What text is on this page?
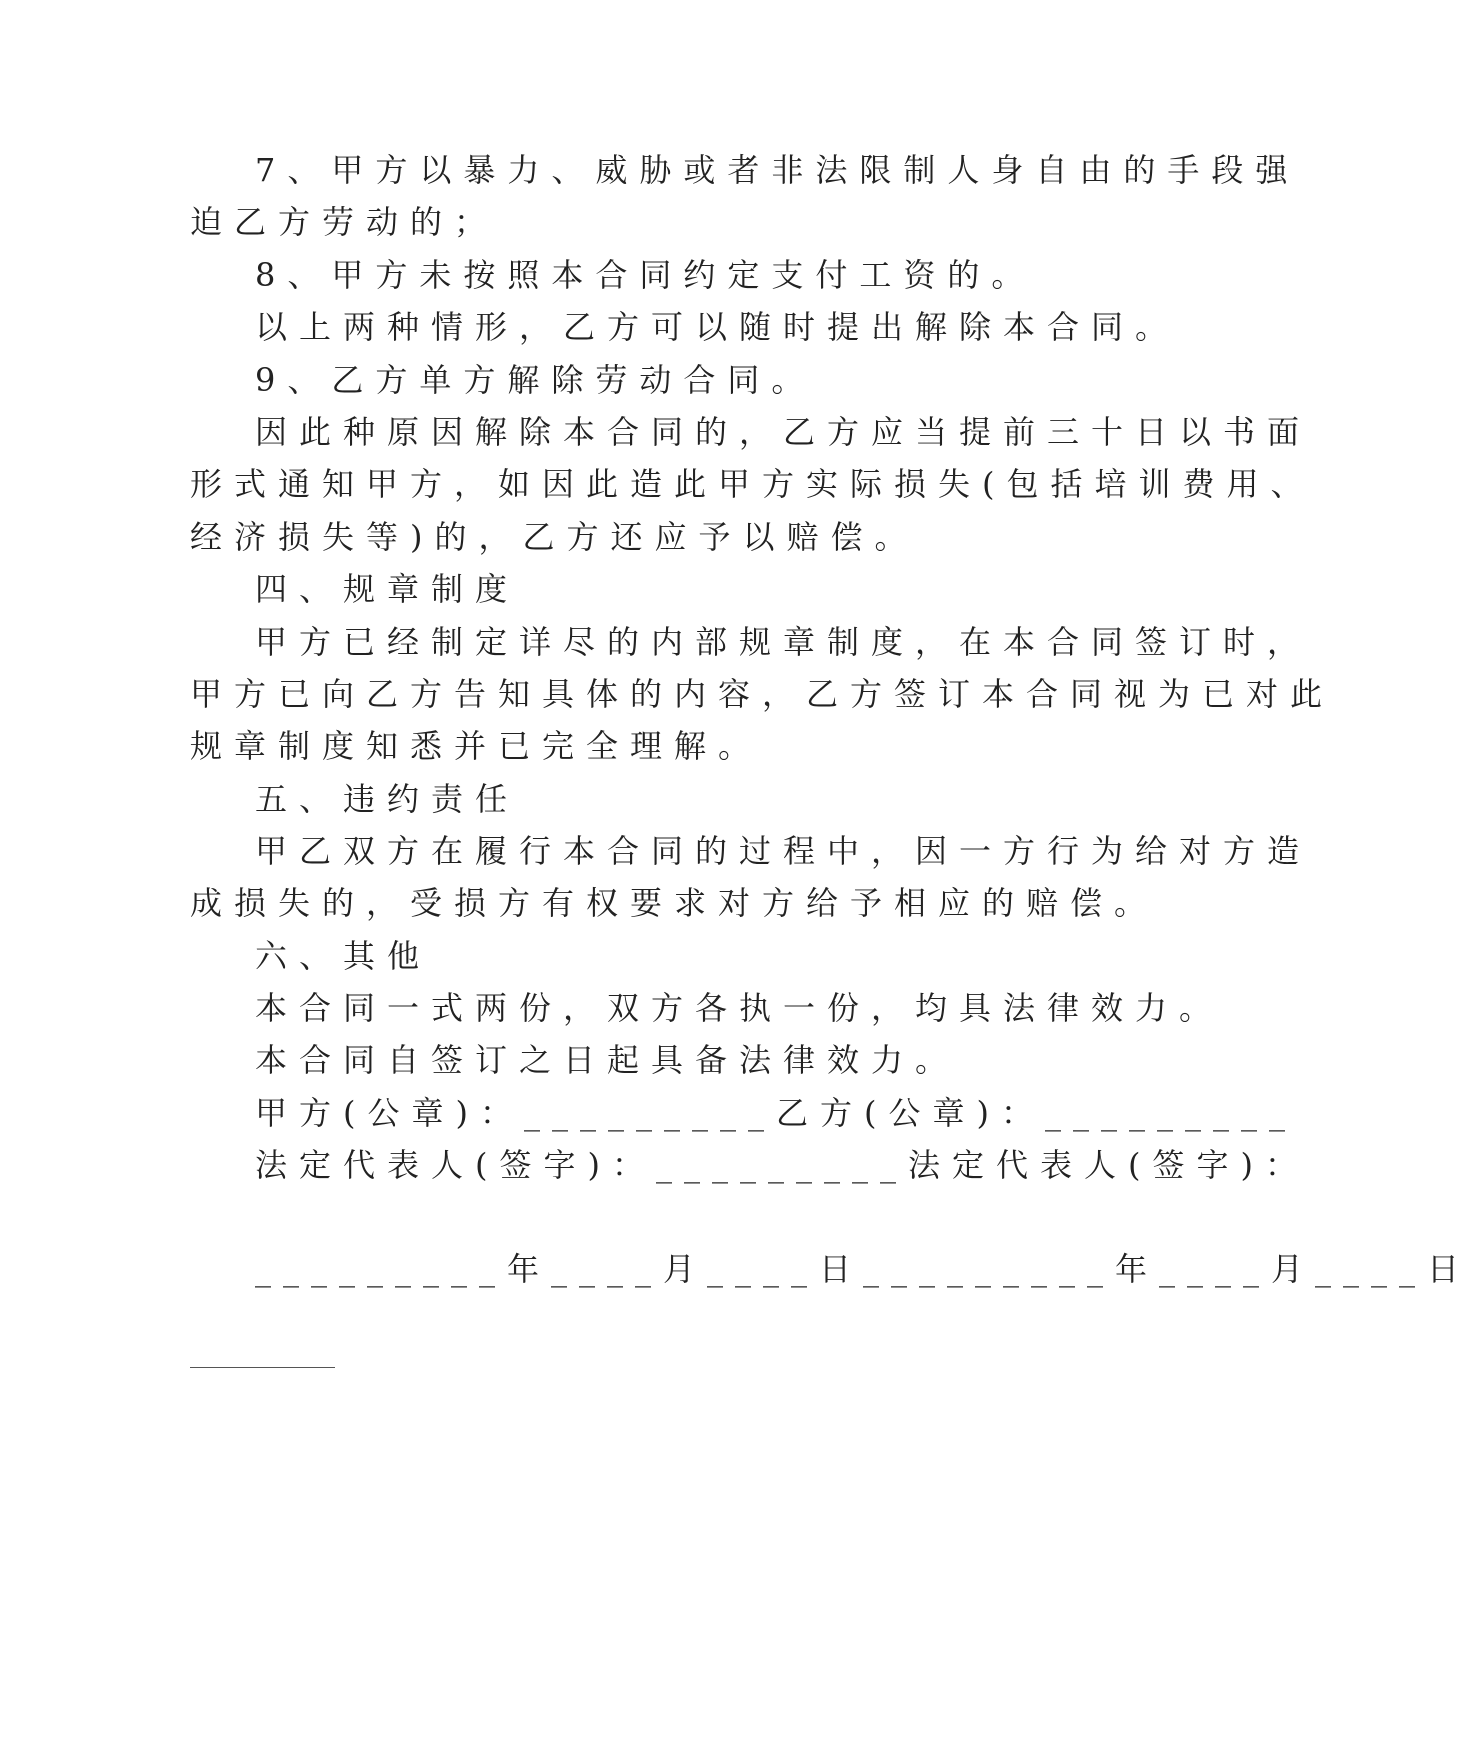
7、甲方以暴力、威胁或者非法限制人身自由的手段强

迫乙方劳动的；

8、甲方未按照本合同约定支付工资的。

以上两种情形，乙方可以随时提出解除本合同。

9、乙方单方解除劳动合同。

因此种原因解除本合同的，乙方应当提前三十日以书面

形式通知甲方，如因此造此甲方实际损失(包括培训费用、

经济损失等)的，乙方还应予以赔偿。

四、规章制度

甲方已经制定详尽的内部规章制度，在本合同签订时，

甲方已向乙方告知具体的内容，乙方签订本合同视为已对此

规章制度知悉并已完全理解。

五、违约责任

甲乙双方在履行本合同的过程中，因一方行为给对方造

成损失的，受损方有权要求对方给予相应的赔偿。

六、其他

本合同一式两份，双方各执一份，均具法律效力。

本合同自签订之日起具备法律效力。

甲方(公章)：_________乙方(公章)：_________

法定代表人(签字)：_________法定代表人(签字)：

_________年____月____日_________年____月____日
